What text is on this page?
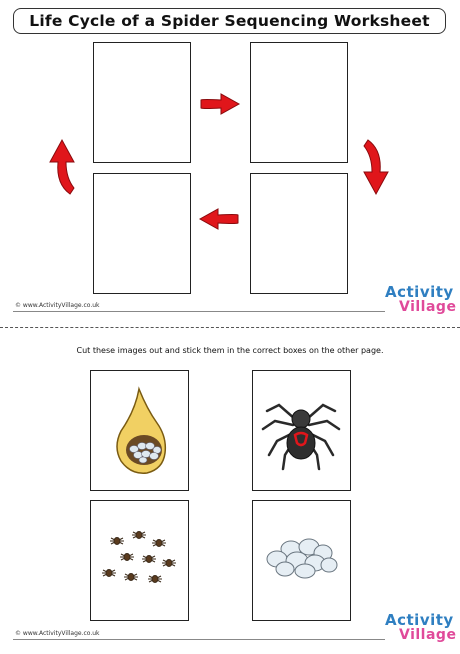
Life Cycle of a Spider Sequencing Worksheet
© www.ActivityVillage.co.uk
Activity
Village
Cut these images out and stick them in the correct boxes on the other page.
© www.ActivityVillage.co.uk
Activity
Village
